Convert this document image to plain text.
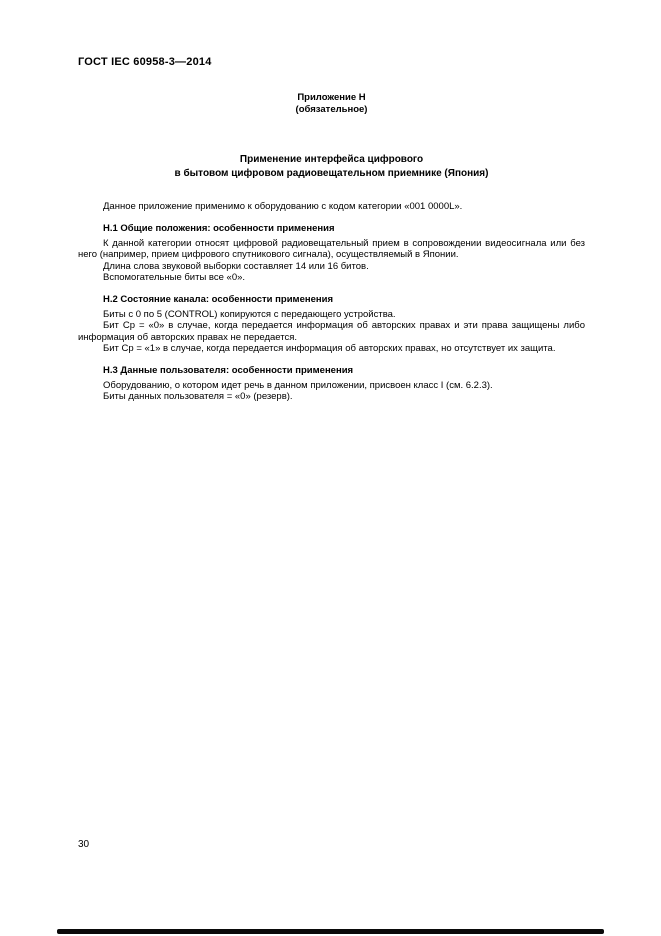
ГОСТ IEC 60958-3—2014
Приложение Н
(обязательное)
Применение интерфейса цифрового
в бытовом цифровом радиовещательном приемнике (Япония)

Данное приложение применимо к оборудованию с кодом категории «001 0000L».

Н.1 Общие положения: особенности применения

К данной категории относят цифровой радиовещательный прием в сопровождении видеосигнала или без него (например, прием цифрового спутникового сигнала), осуществляемый в Японии.

Длина слова звуковой выборки составляет 14 или 16 битов.

Вспомогательные биты все «0».

Н.2 Состояние канала: особенности применения

Биты с 0 по 5 (CONTROL) копируются с передающего устройства.

Бит Ср = «0» в случае, когда передается информация об авторских правах и эти права защищены либо информация об авторских правах не передается.

Бит Ср = «1» в случае, когда передается информация об авторских правах, но отсутствует их защита.

Н.3 Данные пользователя: особенности применения

Оборудованию, о котором идет речь в данном приложении, присвоен класс I (см. 6.2.3).

Биты данных пользователя = «0» (резерв).

30
